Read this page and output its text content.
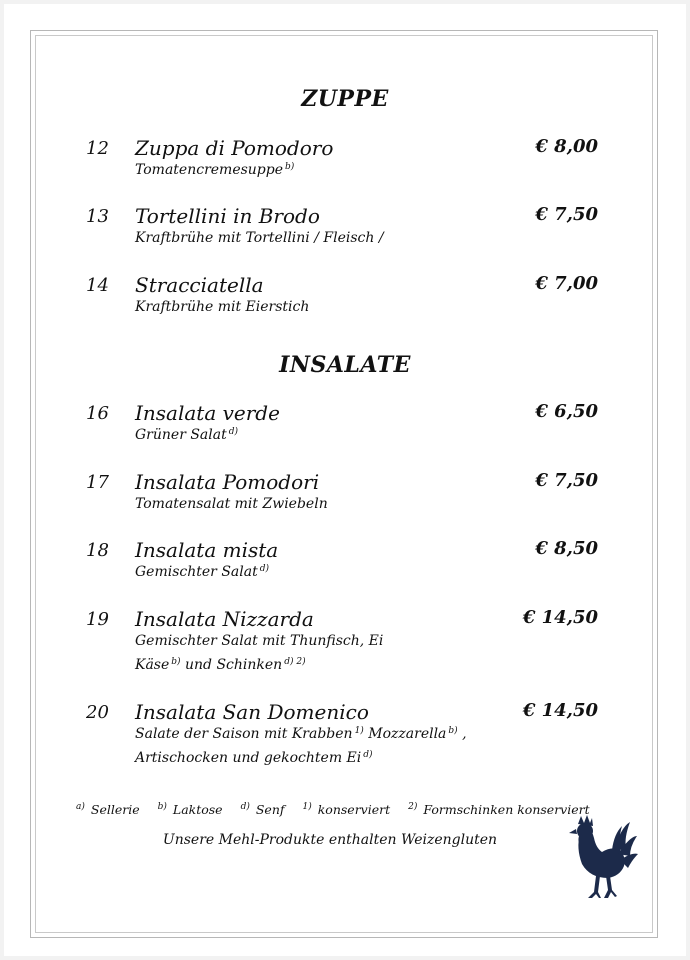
ZUPPE
12 Zuppa di Pomodoro	€ 8,00
Tomatencremesuppe $^{b)}$
13 Tortellini in Brodo	€ 7,50
Kraftbrühe mit Tortellini / Fleisch /
14 Stracciatella	€ 7,00
Kraftbrühe mit Eierstich
INSALATE
16 Insalata verde	€ 6,50
Grüner Salat $^{d)}$
17 Insalata Pomodori	€ 7,50
Tomatensalat mit Zwiebeln
18 Insalata mista	€ 8,50
Gemischter Salat $^{d)}$
19 Insalata Nizzarda	€ 14,50
Gemischter Salat mit Thunfisch, Ei
Käse $^{b)}$ und Schinken $^{d) 2)}$
20 Insalata San Domenico	€ 14,50
Salate der Saison mit Krabben $^{1)}$ Mozzarella $^{b)}$ ,
Artischocken und gekochtem Ei $^{d)}$
$^{a)}$ Sellerie $^{b)}$ Laktose $^{d)}$ Senf $^{1)}$ konserviert $^{2)}$ Formschinken konserviert
Unsere Mehl-Produkte enthalten Weizengluten
